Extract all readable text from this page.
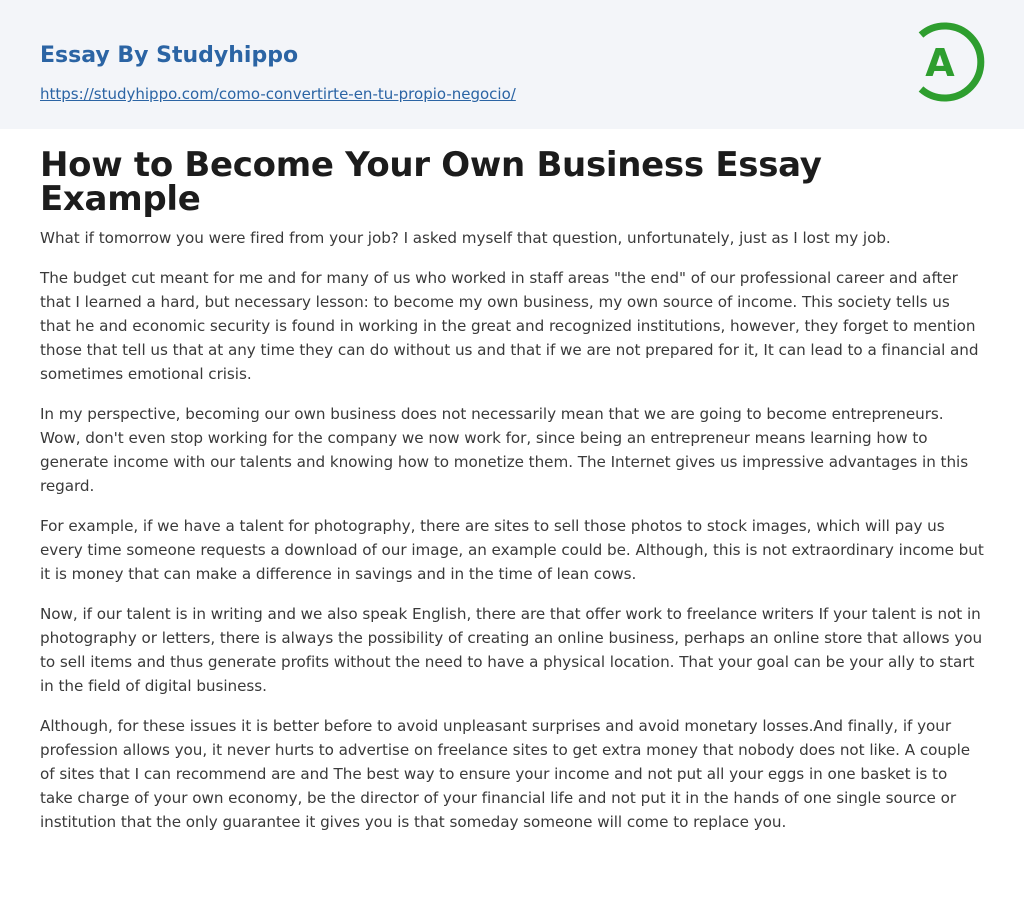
Essay By Studyhippo
https://studyhippo.com/como-convertirte-en-tu-propio-negocio/
A
How to Become Your Own Business Essay Example

What if tomorrow you were fired from your job? I asked myself that question, unfortunately, just as I lost my job.

The budget cut meant for me and for many of us who worked in staff areas "the end" of our professional career and after that I learned a hard, but necessary lesson: to become my own business, my own source of income. This society tells us that he and economic security is found in working in the great and recognized institutions, however, they forget to mention those that tell us that at any time they can do without us and that if we are not prepared for it, It can lead to a financial and sometimes emotional crisis.

In my perspective, becoming our own business does not necessarily mean that we are going to become entrepreneurs. Wow, don't even stop working for the company we now work for, since being an entrepreneur means learning how to generate income with our talents and knowing how to monetize them. The Internet gives us impressive advantages in this regard.

For example, if we have a talent for photography, there are sites to sell those photos to stock images, which will pay us every time someone requests a download of our image, an example could be. Although, this is not extraordinary income but it is money that can make a difference in savings and in the time of lean cows.

Now, if our talent is in writing and we also speak English, there are that offer work to freelance writers If your talent is not in photography or letters, there is always the possibility of creating an online business, perhaps an online store that allows you to sell items and thus generate profits without the need to have a physical location. That your goal can be your ally to start in the field of digital business.

Although, for these issues it is better before to avoid unpleasant surprises and avoid monetary losses.And finally, if your profession allows you, it never hurts to advertise on freelance sites to get extra money that nobody does not like. A couple of sites that I can recommend are and The best way to ensure your income and not put all your eggs in one basket is to take charge of your own economy, be the director of your financial life and not put it in the hands of one single source or institution that the only guarantee it gives you is that someday someone will come to replace you.
